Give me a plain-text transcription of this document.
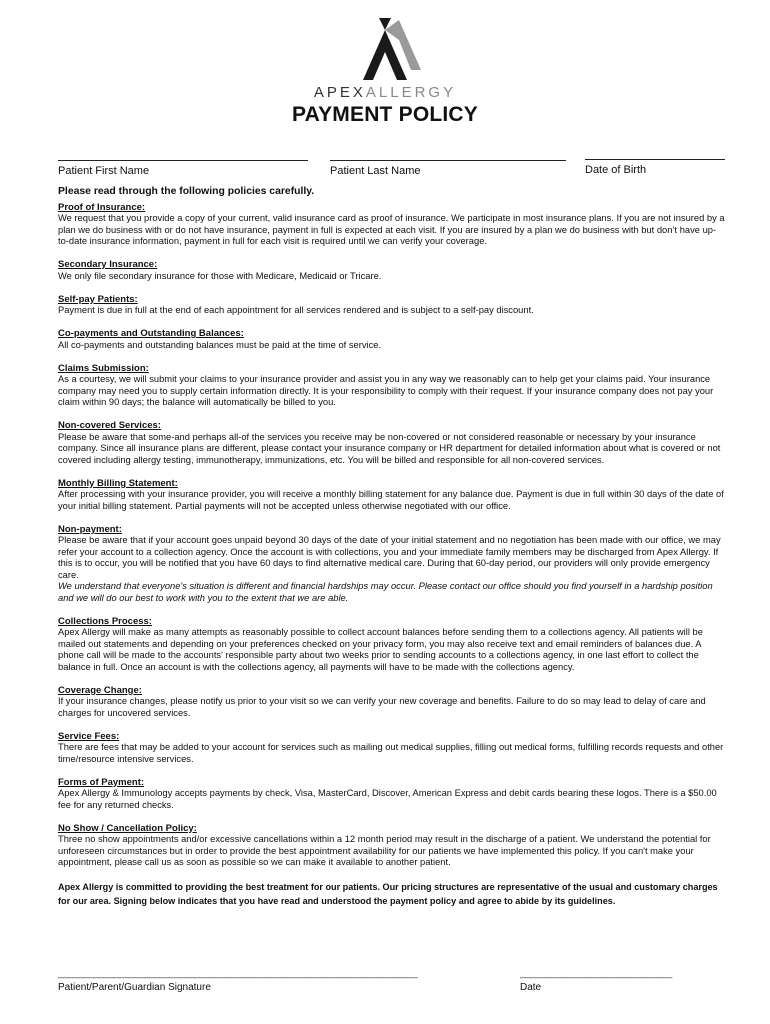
APEXALLERGY
PAYMENT POLICY
Patient First Name	Patient Last Name	Date of Birth
Please read through the following policies carefully.
Proof of Insurance:

We request that you provide a copy of your current, valid insurance card as proof of insurance. We participate in most insurance plans. If you are not insured by a plan we do business with or do not have insurance, payment in full is expected at each visit. If you are insured by a plan we do business with but don’t have up-to-date insurance information, payment in full for each visit is required until we can verify your coverage.

Secondary Insurance:

We only file secondary insurance for those with Medicare, Medicaid or Tricare.

Self-pay Patients:

Payment is due in full at the end of each appointment for all services rendered and is subject to a self-pay discount.

Co-payments and Outstanding Balances:

All co-payments and outstanding balances must be paid at the time of service.

Claims Submission:

As a courtesy, we will submit your claims to your insurance provider and assist you in any way we reasonably can to help get your claims paid. Your insurance company may need you to supply certain information directly. It is your responsibility to comply with their request. If your insurance company does not pay your claim within 90 days; the balance will automatically be billed to you.

Non-covered Services:

Please be aware that some-and perhaps all-of the services you receive may be non-covered or not considered reasonable or necessary by your insurance company. Since all insurance plans are different, please contact your insurance company or HR department for detailed information about what is covered or not covered including allergy testing, immunotherapy, immunizations, etc. You will be billed and responsible for all non-covered services.

Monthly Billing Statement:

After processing with your insurance provider, you will receive a monthly billing statement for any balance due. Payment is due in full within 30 days of the date of your initial billing statement. Partial payments will not be accepted unless otherwise negotiated with our office.

Non-payment:

Please be aware that if your account goes unpaid beyond 30 days of the date of your initial statement and no negotiation has been made with our office, we may refer your account to a collection agency. Once the account is with collections, you and your immediate family members may be discharged from Apex Allergy. If this is to occur, you will be notified that you have 60 days to find alternative medical care. During that 60-day period, our providers will only provide emergency care.

We understand that everyone's situation is different and financial hardships may occur. Please contact our office should you find yourself in a hardship position and we will do our best to work with you to the extent that we are able.

Collections Process:

Apex Allergy will make as many attempts as reasonably possible to collect account balances before sending them to a collections agency. All patients will be mailed out statements and depending on your preferences checked on your privacy form, you may also receive text and email reminders of balances due. A phone call will be made to the accounts' responsible party about two weeks prior to sending accounts to a collections agency, in one last effort to collect the balance in full. Once an account is with the collections agency, all payments will have to be made with the collections agency.

Coverage Change:

If your insurance changes, please notify us prior to your visit so we can verify your new coverage and benefits. Failure to do so may lead to delay of care and charges for uncovered services.

Service Fees:

There are fees that may be added to your account for services such as mailing out medical supplies, filling out medical forms, fulfilling records requests and other time/resource intensive services.

Forms of Payment:

Apex Allergy & Immunology accepts payments by check, Visa, MasterCard, Discover, American Express and debit cards bearing these logos. There is a $50.00 fee for any returned checks.

No Show / Cancellation Policy:

Three no show appointments and/or excessive cancellations within a 12 month period may result in the discharge of a patient. We understand the potential for unforeseen circumstances but in order to provide the best appointment availability for our patients we have implemented this policy. If you can't make your appointment, please call us as soon as possible so we can make it available to another patient.

Apex Allergy is committed to providing the best treatment for our patients. Our pricing structures are representative of the usual and customary charges for our area. Signing below indicates that you have read and understood the payment policy and agree to abide by its guidelines.
_______________________________________________________________________
Patient/Parent/Guardian Signature
______________________________
Date
